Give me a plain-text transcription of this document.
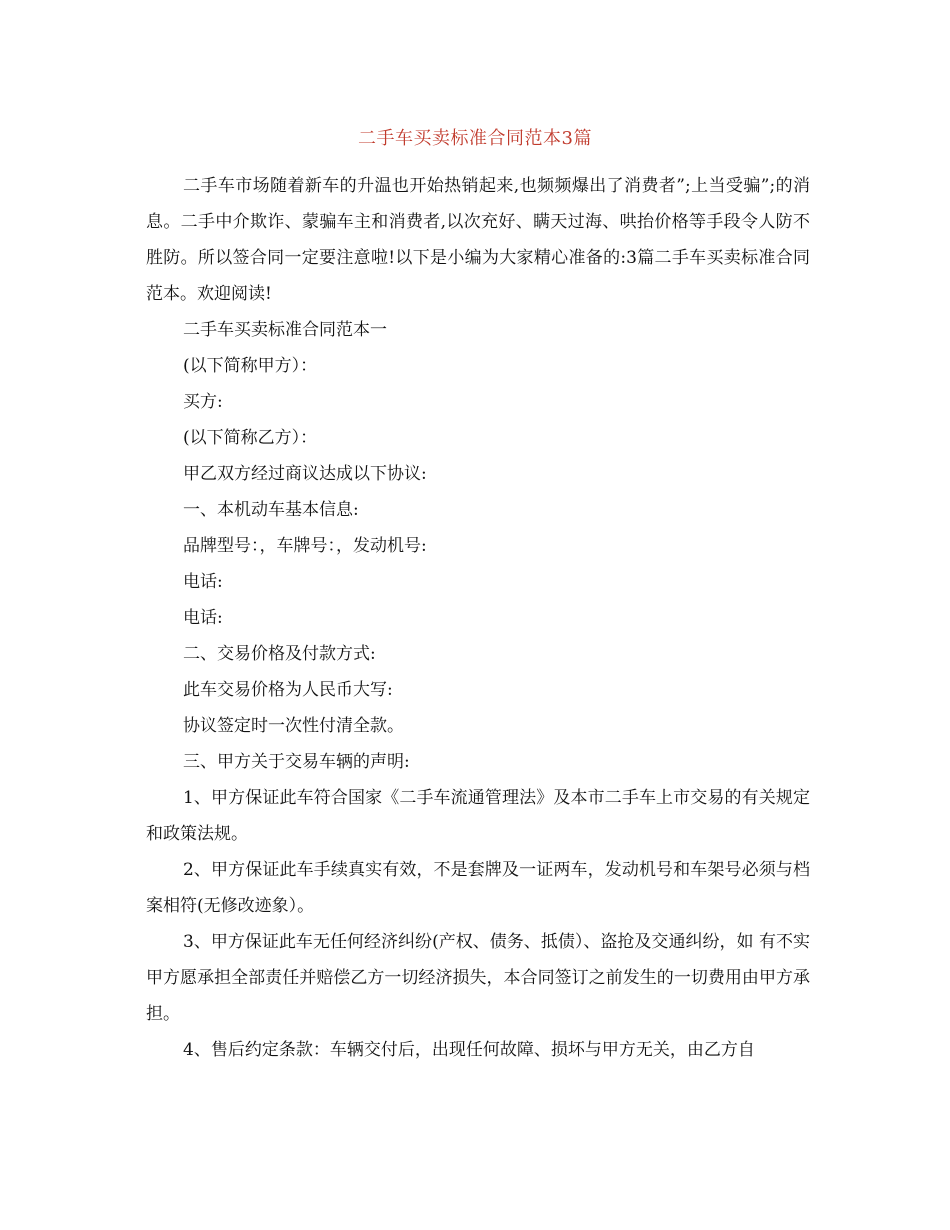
二手车买卖标准合同范本3篇

二手车市场随着新车的升温也开始热销起来,也频频爆出了消费者”;上当受骗”;的消息。二手中介欺诈、蒙骗车主和消费者,以次充好、瞒天过海、哄抬价格等手段令人防不胜防。所以签合同一定要注意啦!以下是小编为大家精心准备的:3篇二手车买卖标准合同范本。欢迎阅读!

二手车买卖标准合同范本一

(以下简称甲方）：

买方:

(以下简称乙方）：

甲乙双方经过商议达成以下协议:

一、本机动车基本信息:

品牌型号：，车牌号：，发动机号:

电话:

电话:

二、交易价格及付款方式:

此车交易价格为人民币大写:

协议签定时一次性付清全款。

三、甲方关于交易车辆的声明:

1、甲方保证此车符合国家《二手车流通管理法》及本市二手车上市交易的有关规定和政策法规。

2、甲方保证此车手续真实有效，不是套牌及一证两车，发动机号和车架号必须与档案相符(无修改迹象）。

3、甲方保证此车无任何经济纠纷(产权、债务、抵债）、盗抢及交通纠纷，如 有不实甲方愿承担全部责任并赔偿乙方一切经济损失，本合同签订之前发生的一切费用由甲方承担。

4、售后约定条款：车辆交付后，出现任何故障、损坏与甲方无关，由乙方自
